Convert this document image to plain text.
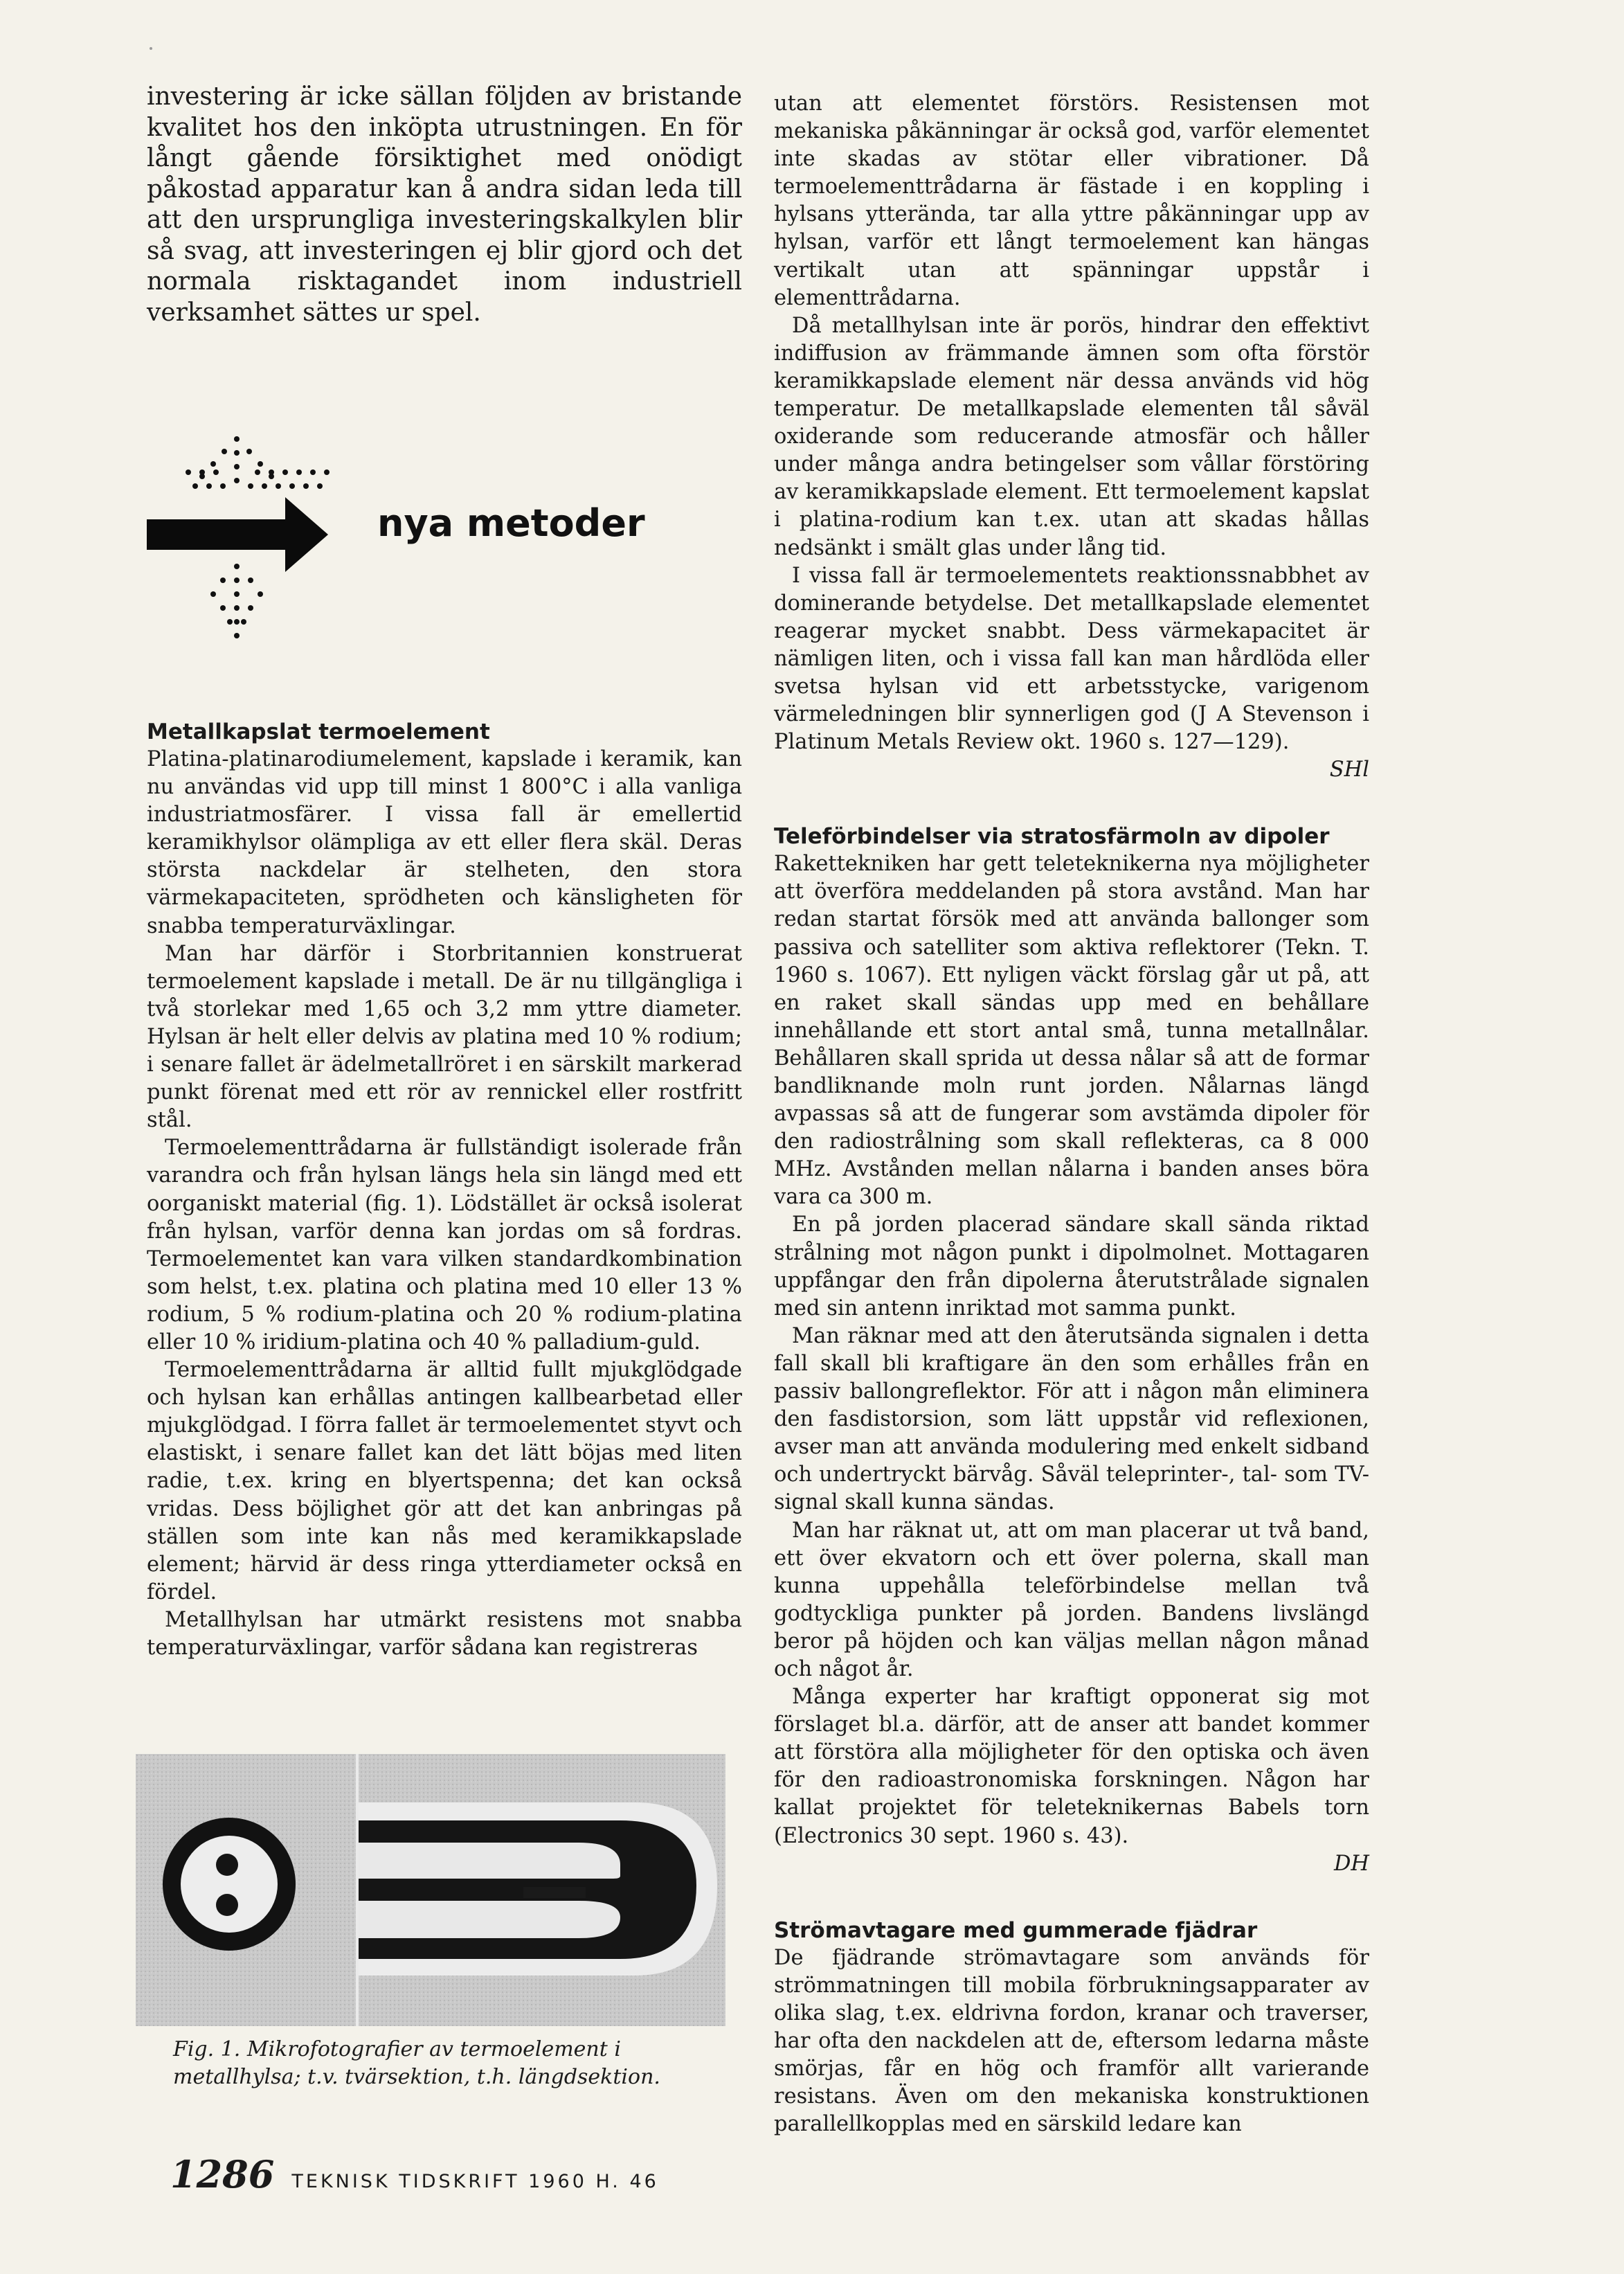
investering är icke sällan följden av bristande kvalitet hos den inköpta utrustningen. En för långt gående försiktighet med onödigt påkostad apparatur kan å andra sidan leda till att den ursprungliga investeringskalkylen blir så svag, att investeringen ej blir gjord och det normala risktagandet inom industriell verksamhet sättes ur spel.

nya metoder

Metallkapslat termoelement

Platina-platinarodiumelement, kapslade i keramik, kan nu användas vid upp till minst 1 800°C i alla vanliga industriatmosfärer. I vissa fall är emellertid keramikhylsor olämpliga av ett eller flera skäl. Deras största nackdelar är stelheten, den stora värmekapaciteten, sprödheten och känsligheten för snabba temperaturväxlingar.

Man har därför i Storbritannien konstruerat termoelement kapslade i metall. De är nu tillgängliga i två storlekar med 1,65 och 3,2 mm yttre diameter. Hylsan är helt eller delvis av platina med 10 % rodium; i senare fallet är ädelmetallröret i en särskilt markerad punkt förenat med ett rör av rennickel eller rostfritt stål.

Termoelementtrådarna är fullständigt isolerade från varandra och från hylsan längs hela sin längd med ett oorganiskt material (fig. 1). Lödstället är också isolerat från hylsan, varför denna kan jordas om så fordras. Termoelementet kan vara vilken standardkombination som helst, t.ex. platina och platina med 10 eller 13 % rodium, 5 % rodium-platina och 20 % rodium-platina eller 10 % iridium-platina och 40 % palladium-guld.

Termoelementtrådarna är alltid fullt mjukglödgade och hylsan kan erhållas antingen kallbearbetad eller mjukglödgad. I förra fallet är termoelementet styvt och elastiskt, i senare fallet kan det lätt böjas med liten radie, t.ex. kring en blyertspenna; det kan också vridas. Dess böjlighet gör att det kan anbringas på ställen som inte kan nås med keramikkapslade element; härvid är dess ringa ytterdiameter också en fördel.

Metallhylsan har utmärkt resistens mot snabba temperaturväxlingar, varför sådana kan registreras

Fig. 1. Mikrofotografier av termoelement i metallhylsa; t.v. tvärsektion, t.h. längdsektion.

utan att elementet förstörs. Resistensen mot mekaniska påkänningar är också god, varför elementet inte skadas av stötar eller vibrationer. Då termoelementtrådarna är fästade i en koppling i hylsans ytterända, tar alla yttre påkänningar upp av hylsan, varför ett långt termoelement kan hängas vertikalt utan att spänningar uppstår i elementtrådarna.

Då metallhylsan inte är porös, hindrar den effektivt indiffusion av främmande ämnen som ofta förstör keramikkapslade element när dessa används vid hög temperatur. De metallkapslade elementen tål såväl oxiderande som reducerande atmosfär och håller under många andra betingelser som vållar förstöring av keramikkapslade element. Ett termoelement kapslat i platina-rodium kan t.ex. utan att skadas hållas nedsänkt i smält glas under lång tid.

I vissa fall är termoelementets reaktionssnabbhet av dominerande betydelse. Det metallkapslade elementet reagerar mycket snabbt. Dess värmekapacitet är nämligen liten, och i vissa fall kan man hårdlöda eller svetsa hylsan vid ett arbetsstycke, varigenom värmeledningen blir synnerligen god (J A Stevenson i Platinum Metals Review okt. 1960 s. 127—129).

SHl

Teleförbindelser via stratosfärmoln av dipoler

Rakettekniken har gett teleteknikerna nya möjligheter att överföra meddelanden på stora avstånd. Man har redan startat försök med att använda ballonger som passiva och satelliter som aktiva reflektorer (Tekn. T. 1960 s. 1067). Ett nyligen väckt förslag går ut på, att en raket skall sändas upp med en behållare innehållande ett stort antal små, tunna metallnålar. Behållaren skall sprida ut dessa nålar så att de formar bandliknande moln runt jorden. Nålarnas längd avpassas så att de fungerar som avstämda dipoler för den radiostrålning som skall reflekteras, ca 8 000 MHz. Avstånden mellan nålarna i banden anses böra vara ca 300 m.

En på jorden placerad sändare skall sända riktad strålning mot någon punkt i dipolmolnet. Mottagaren uppfångar den från dipolerna återutstrålade signalen med sin antenn inriktad mot samma punkt.

Man räknar med att den återutsända signalen i detta fall skall bli kraftigare än den som erhålles från en passiv ballongreflektor. För att i någon mån eliminera den fasdistorsion, som lätt uppstår vid reflexionen, avser man att använda modulering med enkelt sidband och undertryckt bärvåg. Såväl teleprinter-, tal- som TV-signal skall kunna sändas.

Man har räknat ut, att om man placerar ut två band, ett över ekvatorn och ett över polerna, skall man kunna uppehålla teleförbindelse mellan två godtyckliga punkter på jorden. Bandens livslängd beror på höjden och kan väljas mellan någon månad och något år.

Många experter har kraftigt opponerat sig mot förslaget bl.a. därför, att de anser att bandet kommer att förstöra alla möjligheter för den optiska och även för den radioastronomiska forskningen. Någon har kallat projektet för teleteknikernas Babels torn (Electronics 30 sept. 1960 s. 43).

DH

Strömavtagare med gummerade fjädrar

De fjädrande strömavtagare som används för strömmatningen till mobila förbrukningsapparater av olika slag, t.ex. eldrivna fordon, kranar och traverser, har ofta den nackdelen att de, eftersom ledarna måste smörjas, får en hög och framför allt varierande resistans. Även om den mekaniska konstruktionen parallellkopplas med en särskild ledare kan

1286 TEKNISK TIDSKRIFT 1960 H. 46
